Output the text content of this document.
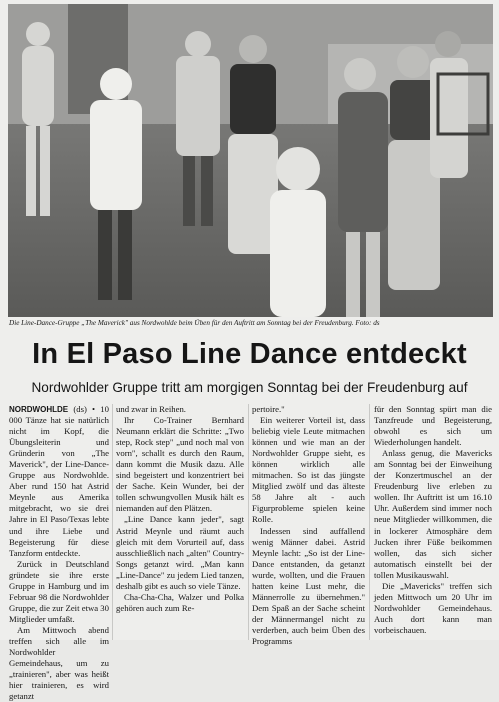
Die Line-Dance-Gruppe „The Maverick" aus Nordwohlde beim Üben für den Auftritt am Sonntag bei der Freudenburg. Foto: ds
In El Paso Line Dance entdeckt
Nordwohlder Gruppe tritt am morgigen Sonntag bei der Freudenburg auf

NORDWOHLDE (ds) • 10 000 Tänze hat sie natürlich nicht im Kopf, die Übungsleiterin und Gründerin von „The Maverick", der Line-Dance-Gruppe aus Nordwohlde. Aber rund 150 hat Astrid Meynle aus Amerika mitgebracht, wo sie drei Jahre in El Paso/Texas lebte und ihre Liebe und Begeisterung für diese Tanzform entdeckte.

Zurück in Deutschland gründete sie ihre erste Gruppe in Hamburg und im Februar 98 die Nordwohlder Gruppe, die zur Zeit etwa 30 Mitglieder umfaßt.

Am Mittwoch abend treffen sich alle im Nordwohlder Gemeindehaus, um zu „trainieren", aber was heißt hier trainieren, es wird getanzt

und zwar in Reihen.

Ihr Co-Trainer Bernhard Neumann erklärt die Schritte: „Two step, Rock step" „und noch mal von vorn", schallt es durch den Raum, dann kommt die Musik dazu. Alle sind begeistert und konzentriert bei der Sache. Kein Wunder, bei der tollen schwungvollen Musik hält es niemanden auf den Plätzen.

„Line Dance kann jeder", sagt Astrid Meynle und räumt auch gleich mit dem Vorurteil auf, dass ausschließlich nach „alten" Country-Songs getanzt wird. „Man kann „Line-Dance" zu jedem Lied tanzen, deshalb gibt es auch so viele Tänze.

Cha-Cha-Cha, Walzer und Polka gehören auch zum Re-

pertoire."

Ein weiterer Vorteil ist, dass beliebig viele Leute mitmachen können und wie man an der Nordwohlder Gruppe sieht, es können wirklich alle mitmachen. So ist das jüngste Mitglied zwölf und das älteste 58 Jahre alt - auch Figurprobleme spielen keine Rolle.

Indessen sind auffallend wenig Männer dabei. Astrid Meynle lacht: „So ist der Line-Dance entstanden, da getanzt wurde, wollten, und die Frauen hatten keine Lust mehr, die Männerrolle zu übernehmen." Dem Spaß an der Sache scheint der Männermangel nicht zu verderben, auch beim Üben des Programms

für den Sonntag spürt man die Tanzfreude und Begeisterung, obwohl es sich um Wiederholungen handelt.

Anlass genug, die Mavericks am Sonntag bei der Einweihung der Konzertmuschel an der Freudenburg live erleben zu wollen. Ihr Auftritt ist um 16.10 Uhr. Außerdem sind immer noch neue Mitglieder willkommen, die in lockerer Atmosphäre dem Jucken ihrer Füße beikommen wollen, das sich sicher automatisch einstellt bei der tollen Musikauswahl.

Die „Mavericks" treffen sich jeden Mittwoch um 20 Uhr im Nordwohlder Gemeindehaus. Auch dort kann man vorbeischauen.
